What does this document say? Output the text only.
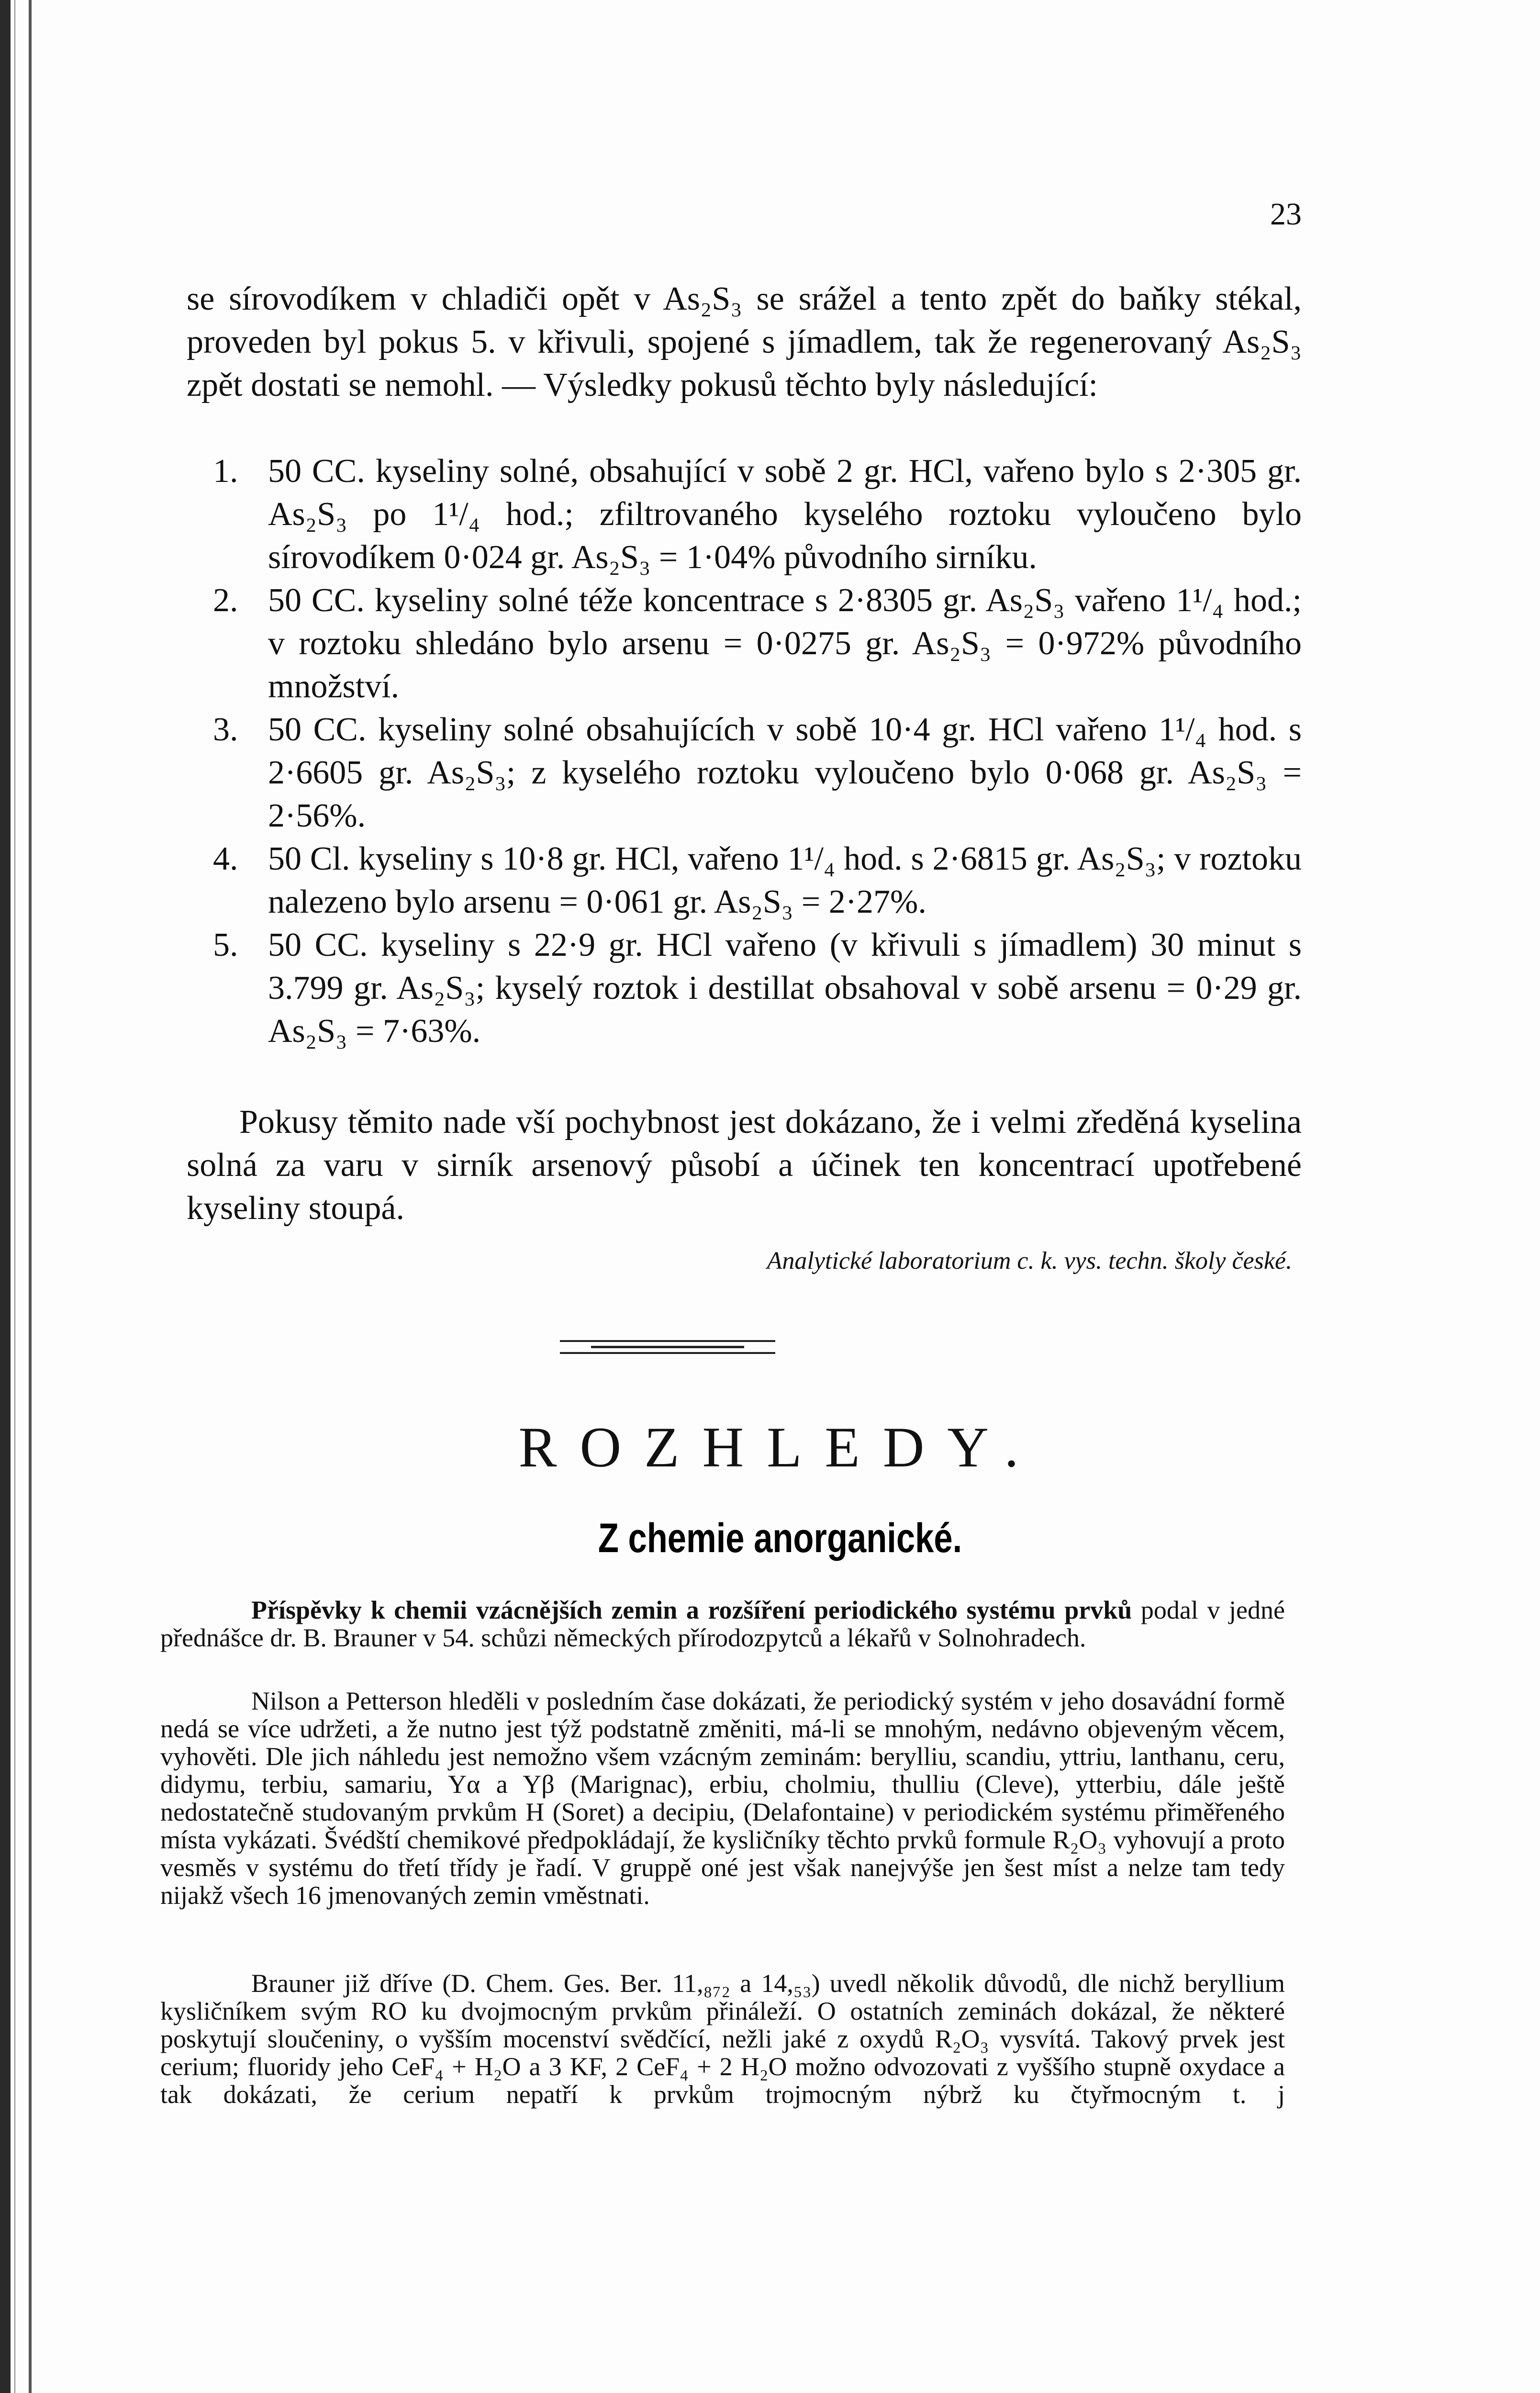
23

se sírovodíkem v chladiči opět v As₂S₃ se srážel a tento zpět do baňky stékal, proveden byl pokus 5. v křivuli, spojené s jímadlem, tak že regenerovaný As₂S₃ zpět dostati se nemohl. — Výsledky pokusů těchto byly následující:

1. 50 CC. kyseliny solné, obsahující v sobě 2 gr. HCl, vařeno bylo s 2·305 gr. As₂S₃ po 1¹/₄ hod.; zfiltrovaného kyselého roztoku vyloučeno bylo sírovodíkem 0·024 gr. As₂S₃ = 1·04% původního sirníku.
2. 50 CC. kyseliny solné téže koncentrace s 2·8305 gr. As₂S₃ vařeno 1¹/₄ hod.; v roztoku shledáno bylo arsenu = 0·0275 gr. As₂S₃ = 0·972% původního množství.
3. 50 CC. kyseliny solné obsahujících v sobě 10·4 gr. HCl vařeno 1¹/₄ hod. s 2·6605 gr. As₂S₃; z kyselého roztoku vyloučeno bylo 0·068 gr. As₂S₃ = 2·56%.
4. 50 Cl. kyseliny s 10·8 gr. HCl, vařeno 1¹/₄ hod. s 2·6815 gr. As₂S₃; v roztoku nalezeno bylo arsenu = 0·061 gr. As₂S₃ = 2·27%.
5. 50 CC. kyseliny s 22·9 gr. HCl vařeno (v křivuli s jímadlem) 30 minut s 3.799 gr. As₂S₃; kyselý roztok i destillat obsahoval v sobě arsenu = 0·29 gr. As₂S₃ = 7·63%.

Pokusy těmito nade vší pochybnost jest dokázano, že i velmi zředěná kyselina solná za varu v sirník arsenový působí a účinek ten koncentrací upotřebené kyseliny stoupá.

Analytické laboratorium c. k. vys. techn. školy české.
ROZHLEDY.
Z chemie anorganické.

Příspěvky k chemii vzácnějších zemin a rozšíření periodického systému prvků podal v jedné přednášce dr. B. Brauner v 54. schůzi německých přírodozpytců a lékařů v Solnohradech.

Nilson a Petterson hleděli v posledním čase dokázati, že periodický systém v jeho dosavádní formě nedá se více udržeti, a že nutno jest týž podstatně změniti, má-li se mnohým, nedávno objeveným věcem, vyhověti. Dle jich náhledu jest nemožno všem vzácným zeminám: berylliu, scandiu, yttriu, lanthanu, ceru, didymu, terbiu, samariu, Yα a Yβ (Marignac), erbiu, cholmiu, thulliu (Cleve), ytterbiu, dále ještě nedostatečně studovaným prvkům H (Soret) a decipiu, (Delafontaine) v periodickém systému přiměřeného místa vykázati. Švédští chemikové předpokládají, že kysličníky těchto prvků formule R₂O₃ vyhovují a proto vesměs v systému do třetí třídy je řadí. V gruppě oné jest však nanejvýše jen šest míst a nelze tam tedy nijakž všech 16 jmenovaných zemin vměstnati.

Brauner již dříve (D. Chem. Ges. Ber. 11,₈₇₂ a 14,₅₃) uvedl několik důvodů, dle nichž beryllium kysličníkem svým RO ku dvojmocným prvkům přináleží. O ostatních zeminách dokázal, že některé poskytují sloučeniny, o vyšším mocenství svědčící, nežli jaké z oxydů R₂O₃ vysvítá. Takový prvek jest cerium; fluoridy jeho CeF₄ + H₂O a 3 KF, 2 CeF₄ + 2 H₂O možno odvozovati z vyššího stupně oxydace a tak dokázati, že cerium nepatří k prvkům trojmocným nýbrž ku čtyřmocným t. j
